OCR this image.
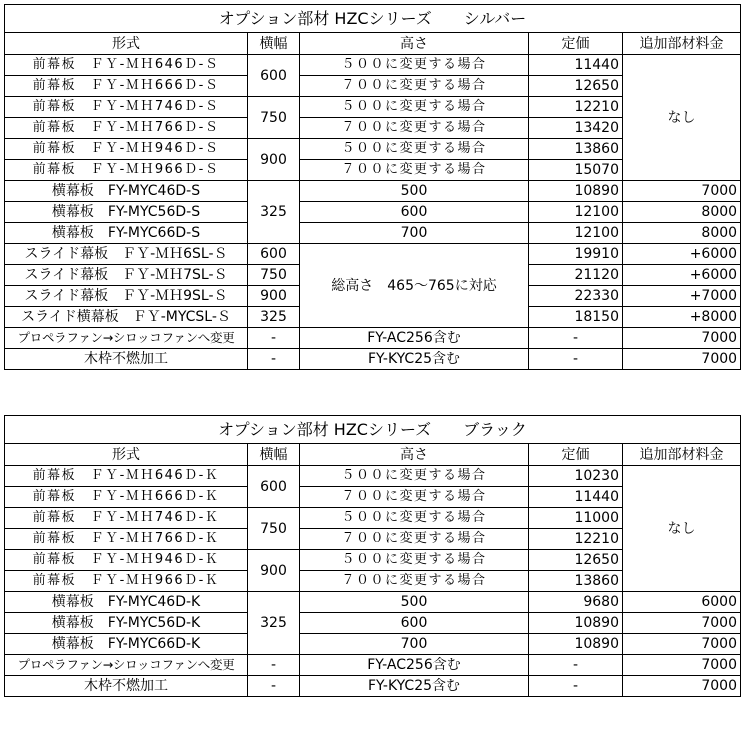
オプション部材 HZCシリーズ　　シルバー				
形式	横幅	高さ	定価	追加部材料金
前幕板　ＦＹ-ＭＨ646Ｄ-Ｓ	600	５００に変更する場合	11440	なし
前幕板　ＦＹ-ＭＨ666Ｄ-Ｓ		７００に変更する場合	12650	
前幕板　ＦＹ-ＭＨ746Ｄ-Ｓ	750	５００に変更する場合	12210	
前幕板　ＦＹ-ＭＨ766Ｄ-Ｓ		７００に変更する場合	13420	
前幕板　ＦＹ-ＭＨ946Ｄ-Ｓ	900	５００に変更する場合	13860	
前幕板　ＦＹ-ＭＨ966Ｄ-Ｓ		７００に変更する場合	15070	
横幕板　FY-MYC46D-S	325	500	10890	7000
横幕板　FY-MYC56D-S		600	12100	8000
横幕板　FY-MYC66D-S		700	12100	8000
スライド幕板　ＦＹ-ＭＨ6SL-Ｓ	600	総高さ　465～765に対応	19910	+6000
スライド幕板　ＦＹ-ＭＨ7SL-Ｓ	750		21120	+6000
スライド幕板　ＦＹ-ＭＨ9SL-Ｓ	900		22330	+7000
スライド横幕板　ＦＹ-MYCSL-Ｓ	325		18150	+8000
プロペラファン→シロッコファンへ変更	-	FY-AC256含む	-	7000
木枠不燃加工	-	FY-KYC25含む	-	7000
オプション部材 HZCシリーズ　　ブラック				
形式	横幅	高さ	定価	追加部材料金
前幕板　ＦＹ-ＭＨ646Ｄ-Ｋ	600	５００に変更する場合	10230	なし
前幕板　ＦＹ-ＭＨ666Ｄ-Ｋ		７００に変更する場合	11440	
前幕板　ＦＹ-ＭＨ746Ｄ-Ｋ	750	５００に変更する場合	11000	
前幕板　ＦＹ-ＭＨ766Ｄ-Ｋ		７００に変更する場合	12210	
前幕板　ＦＹ-ＭＨ946Ｄ-Ｋ	900	５００に変更する場合	12650	
前幕板　ＦＹ-ＭＨ966Ｄ-Ｋ		７００に変更する場合	13860	
横幕板　FY-MYC46D-K	325	500	9680	6000
横幕板　FY-MYC56D-K		600	10890	7000
横幕板　FY-MYC66D-K		700	10890	7000
プロペラファン→シロッコファンへ変更	-	FY-AC256含む	-	7000
木枠不燃加工	-	FY-KYC25含む	-	7000
